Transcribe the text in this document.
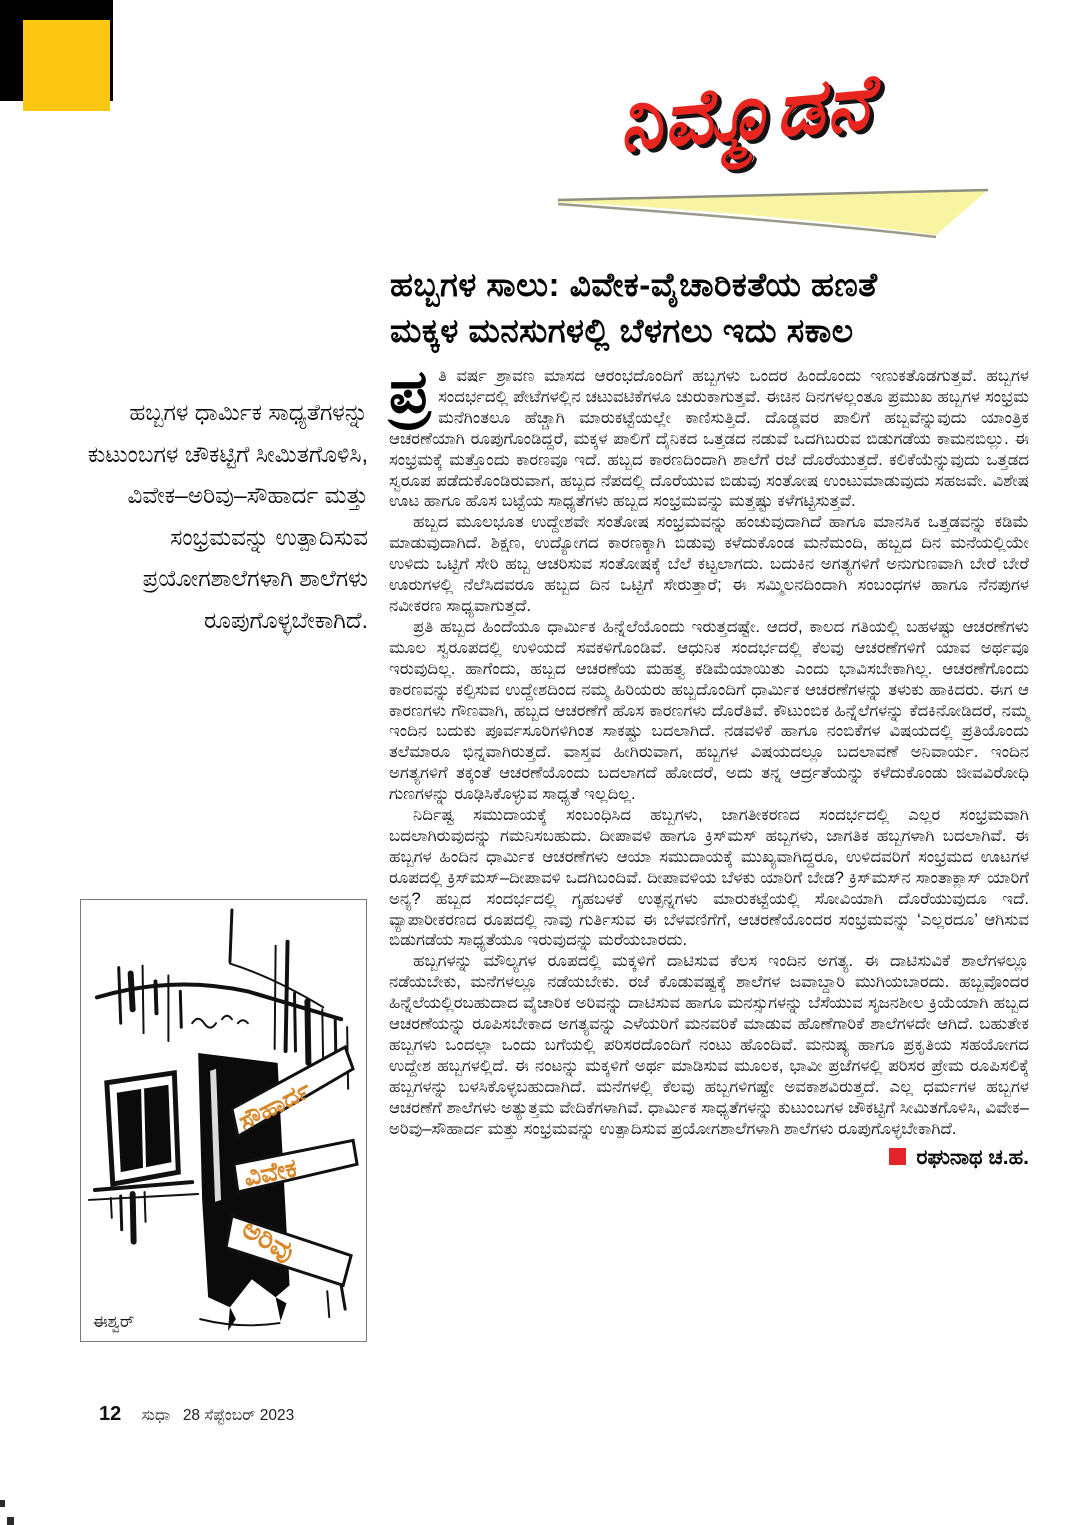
ನಿಮ್ಮೊಡನೆ
ಹಬ್ಬಗಳ ಸಾಲು: ವಿವೇಕ-ವೈಚಾರಿಕತೆಯ ಹಣತೆ
ಮಕ್ಕಳ ಮನಸುಗಳಲ್ಲಿ ಬೆಳಗಲು ಇದು ಸಕಾಲ
ಹಬ್ಬಗಳ ಧಾರ್ಮಿಕ ಸಾಧ್ಯತೆಗಳನ್ನು ಕುಟುಂಬಗಳ ಚೌಕಟ್ಟಿಗೆ ಸೀಮಿತಗೊಳಿಸಿ, ವಿವೇಕ–ಅರಿವು–ಸೌಹಾರ್ದ ಮತ್ತು ಸಂಭ್ರಮವನ್ನು ಉತ್ಪಾದಿಸುವ ಪ್ರಯೋಗಶಾಲೆಗಳಾಗಿ ಶಾಲೆಗಳು ರೂಪುಗೊಳ್ಳಬೇಕಾಗಿದೆ.
ಸೌಹಾರ್ದ
ವಿವೇಕ
ಅರಿವು
ಈಶ್ವರ್

ಪ್ರ ತಿ ವರ್ಷ ಶ್ರಾವಣ ಮಾಸದ ಆರಂಭದೊಂದಿಗೆ ಹಬ್ಬಗಳು ಒಂದರ ಹಿಂದೊಂದು ಇಣುಕತೊಡಗುತ್ತವೆ. ಹಬ್ಬಗಳ ಸಂದರ್ಭದಲ್ಲಿ ಪೇಟೆಗಳಲ್ಲಿನ ಚಟುವಟಿಕೆಗಳೂ ಚುರುಕಾಗುತ್ತವೆ. ಈಚಿನ ದಿನಗಳಲ್ಲಂತೂ ಪ್ರಮುಖ ಹಬ್ಬಗಳ ಸಂಭ್ರಮ ಮನೆಗಿಂತಲೂ ಹೆಚ್ಚಾಗಿ ಮಾರುಕಟ್ಟೆಯಲ್ಲೇ ಕಾಣಿಸುತ್ತಿದೆ. ದೊಡ್ಡವರ ಪಾಲಿಗೆ ಹಬ್ಬವೆನ್ನುವುದು ಯಾಂತ್ರಿಕ ಆಚರಣೆಯಾಗಿ ರೂಪುಗೊಂಡಿದ್ದರೆ, ಮಕ್ಕಳ ಪಾಲಿಗೆ ದೈನಿಕದ ಒತ್ತಡದ ನಡುವೆ ಒದಗಿಬರುವ ಬಿಡುಗಡೆಯ ಕಾಮನಬಿಲ್ಲು. ಈ ಸಂಭ್ರಮಕ್ಕೆ ಮತ್ತೊಂದು ಕಾರಣವೂ ಇದೆ. ಹಬ್ಬದ ಕಾರಣದಿಂದಾಗಿ ಶಾಲೆಗೆ ರಜೆ ದೊರೆಯುತ್ತದೆ. ಕಲಿಕೆಯೆನ್ನುವುದು ಒತ್ತಡದ ಸ್ವರೂಪ ಪಡೆದುಕೊಂಡಿರುವಾಗ, ಹಬ್ಬದ ನೆಪದಲ್ಲಿ ದೊರೆಯುವ ಬಿಡುವು ಸಂತೋಷ ಉಂಟುಮಾಡುವುದು ಸಹಜವೇ. ವಿಶೇಷ ಊಟ ಹಾಗೂ ಹೊಸ ಬಟ್ಟೆಯ ಸಾಧ್ಯತೆಗಳು ಹಬ್ಬದ ಸಂಭ್ರಮವನ್ನು ಮತ್ತಷ್ಟು ಕಳೆಗಟ್ಟಿಸುತ್ತವೆ.

ಹಬ್ಬದ ಮೂಲಭೂತ ಉದ್ದೇಶವೇ ಸಂತೋಷ ಸಂಭ್ರಮವನ್ನು ಹಂಚುವುದಾಗಿದೆ ಹಾಗೂ ಮಾನಸಿಕ ಒತ್ತಡವನ್ನು ಕಡಿಮೆ ಮಾಡುವುದಾಗಿದೆ. ಶಿಕ್ಷಣ, ಉದ್ಯೋಗದ ಕಾರಣಕ್ಕಾಗಿ ಬಿಡುವು ಕಳೆದುಕೊಂಡ ಮನೆಮಂದಿ, ಹಬ್ಬದ ದಿನ ಮನೆಯಲ್ಲಿಯೇ ಉಳಿದು ಒಟ್ಟಿಗೆ ಸೇರಿ ಹಬ್ಬ ಆಚರಿಸುವ ಸಂತೋಷಕ್ಕೆ ಬೆಲೆ ಕಟ್ಟಲಾಗದು. ಬದುಕಿನ ಅಗತ್ಯಗಳಿಗೆ ಅನುಗುಣವಾಗಿ ಬೇರೆ ಬೇರೆ ಊರುಗಳಲ್ಲಿ ನೆಲೆಸಿದವರೂ ಹಬ್ಬದ ದಿನ ಒಟ್ಟಿಗೆ ಸೇರುತ್ತಾರೆ; ಈ ಸಮ್ಮಿಲನದಿಂದಾಗಿ ಸಂಬಂಧಗಳ ಹಾಗೂ ನೆನಪುಗಳ ನವೀಕರಣ ಸಾಧ್ಯವಾಗುತ್ತದೆ.

ಪ್ರತಿ ಹಬ್ಬದ ಹಿಂದೆಯೂ ಧಾರ್ಮಿಕ ಹಿನ್ನೆಲೆಯೊಂದು ಇರುತ್ತದಷ್ಟೇ. ಆದರೆ, ಕಾಲದ ಗತಿಯಲ್ಲಿ ಬಹಳಷ್ಟು ಆಚರಣೆಗಳು ಮೂಲ ಸ್ವರೂಪದಲ್ಲಿ ಉಳಿಯದೆ ಸವಕಳಿಗೊಂಡಿವೆ. ಆಧುನಿಕ ಸಂದರ್ಭದಲ್ಲಿ ಕೆಲವು ಆಚರಣೆಗಳಿಗೆ ಯಾವ ಅರ್ಥವೂ ಇರುವುದಿಲ್ಲ. ಹಾಗೆಂದು, ಹಬ್ಬದ ಆಚರಣೆಯ ಮಹತ್ವ ಕಡಿಮೆಯಾಯಿತು ಎಂದು ಭಾವಿಸಬೇಕಾಗಿಲ್ಲ. ಆಚರಣೆಗೊಂದು ಕಾರಣವನ್ನು ಕಲ್ಪಿಸುವ ಉದ್ದೇಶದಿಂದ ನಮ್ಮ ಹಿರಿಯರು ಹಬ್ಬದೊಂದಿಗೆ ಧಾರ್ಮಿಕ ಆಚರಣೆಗಳನ್ನು ತಳುಕು ಹಾಕಿದರು. ಈಗ ಆ ಕಾರಣಗಳು ಗೌಣವಾಗಿ, ಹಬ್ಬದ ಆಚರಣೆಗೆ ಹೊಸ ಕಾರಣಗಳು ದೊರೆತಿವೆ. ಕೌಟುಂಬಿಕ ಹಿನ್ನೆಲೆಗಳನ್ನು ಕೆದಕಿನೋಡಿದರೆ, ನಮ್ಮ ಇಂದಿನ ಬದುಕು ಪೂರ್ವಸೂರಿಗಳಿಗಿಂತ ಸಾಕಷ್ಟು ಬದಲಾಗಿದೆ. ನಡವಳಿಕೆ ಹಾಗೂ ನಂಬಿಕೆಗಳ ವಿಷಯದಲ್ಲಿ ಪ್ರತಿಯೊಂದು ತಲೆಮಾರೂ ಭಿನ್ನವಾಗಿರುತ್ತದೆ. ವಾಸ್ತವ ಹೀಗಿರುವಾಗ, ಹಬ್ಬಗಳ ವಿಷಯದಲ್ಲೂ ಬದಲಾವಣೆ ಅನಿವಾರ್ಯ. ಇಂದಿನ ಅಗತ್ಯಗಳಿಗೆ ತಕ್ಕಂತೆ ಆಚರಣೆಯೊಂದು ಬದಲಾಗದೆ ಹೋದರೆ, ಅದು ತನ್ನ ಆರ್ದ್ರತೆಯನ್ನು ಕಳೆದುಕೊಂಡು ಜೀವವಿರೋಧಿ ಗುಣಗಳನ್ನು ರೂಢಿಸಿಕೊಳ್ಳುವ ಸಾಧ್ಯತೆ ಇಲ್ಲದಿಲ್ಲ.

ನಿರ್ದಿಷ್ಟ ಸಮುದಾಯಕ್ಕೆ ಸಂಬಂಧಿಸಿದ ಹಬ್ಬಗಳು, ಜಾಗತೀಕರಣದ ಸಂದರ್ಭದಲ್ಲಿ ಎಲ್ಲರ ಸಂಭ್ರಮವಾಗಿ ಬದಲಾಗಿರುವುದನ್ನು ಗಮನಿಸಬಹುದು. ದೀಪಾವಳಿ ಹಾಗೂ ಕ್ರಿಸ್‌ಮಸ್ ಹಬ್ಬಗಳು, ಜಾಗತಿಕ ಹಬ್ಬಗಳಾಗಿ ಬದಲಾಗಿವೆ. ಈ ಹಬ್ಬಗಳ ಹಿಂದಿನ ಧಾರ್ಮಿಕ ಆಚರಣೆಗಳು ಆಯಾ ಸಮುದಾಯಕ್ಕೆ ಮುಖ್ಯವಾಗಿದ್ದರೂ, ಉಳಿದವರಿಗೆ ಸಂಭ್ರಮದ ಊಟಗಳ ರೂಪದಲ್ಲಿ ಕ್ರಿಸ್‌ಮಸ್–ದೀಪಾವಳಿ ಒದಗಿಬಂದಿವೆ. ದೀಪಾವಳಿಯ ಬೆಳಕು ಯಾರಿಗೆ ಬೇಡ? ಕ್ರಿಸ್‌ಮಸ್‌ನ ಸಾಂತಾಕ್ಲಾಸ್ ಯಾರಿಗೆ ಅನ್ಯ? ಹಬ್ಬದ ಸಂದರ್ಭದಲ್ಲಿ ಗೃಹಬಳಕೆ ಉತ್ಪನ್ನಗಳು ಮಾರುಕಟ್ಟೆಯಲ್ಲಿ ಸೋವಿಯಾಗಿ ದೊರೆಯುವುದೂ ಇದೆ. ವ್ಯಾಪಾರೀಕರಣದ ರೂಪದಲ್ಲಿ ನಾವು ಗುರ್ತಿಸುವ ಈ ಬೆಳವಣಿಗೆಗೆ, ಆಚರಣೆಯೊಂದರ ಸಂಭ್ರಮವನ್ನು ‘ಎಲ್ಲರದೂ’ ಆಗಿಸುವ ಬಿಡುಗಡೆಯ ಸಾಧ್ಯತೆಯೂ ಇರುವುದನ್ನು ಮರೆಯಬಾರದು.

ಹಬ್ಬಗಳನ್ನು ಮೌಲ್ಯಗಳ ರೂಪದಲ್ಲಿ ಮಕ್ಕಳಿಗೆ ದಾಟಿಸುವ ಕೆಲಸ ಇಂದಿನ ಅಗತ್ಯ. ಈ ದಾಟಿಸುವಿಕೆ ಶಾಲೆಗಳಲ್ಲೂ ನಡೆಯಬೇಕು, ಮನೆಗಳಲ್ಲೂ ನಡೆಯಬೇಕು. ರಜೆ ಕೊಡುವಷ್ಟಕ್ಕೆ ಶಾಲೆಗಳ ಜವಾಬ್ದಾರಿ ಮುಗಿಯಬಾರದು. ಹಬ್ಬವೊಂದರ ಹಿನ್ನೆಲೆಯಲ್ಲಿರಬಹುದಾದ ವೈಚಾರಿಕ ಅರಿವನ್ನು ದಾಟಿಸುವ ಹಾಗೂ ಮನಸ್ಸುಗಳನ್ನು ಬೆಸೆಯುವ ಸೃಜನಶೀಲ ಕ್ರಿಯೆಯಾಗಿ ಹಬ್ಬದ ಆಚರಣೆಯನ್ನು ರೂಪಿಸಬೇಕಾದ ಅಗತ್ಯವನ್ನು ಎಳೆಯರಿಗೆ ಮನವರಿಕೆ ಮಾಡುವ ಹೊಣೆಗಾರಿಕೆ ಶಾಲೆಗಳದೇ ಆಗಿದೆ. ಬಹುತೇಕ ಹಬ್ಬಗಳು ಒಂದಲ್ಲಾ ಒಂದು ಬಗೆಯಲ್ಲಿ ಪರಿಸರದೊಂದಿಗೆ ನಂಟು ಹೊಂದಿವೆ. ಮನುಷ್ಯ ಹಾಗೂ ಪ್ರಕೃತಿಯ ಸಹಯೋಗದ ಉದ್ದೇಶ ಹಬ್ಬಗಳಲ್ಲಿದೆ. ಈ ನಂಟನ್ನು ಮಕ್ಕಳಿಗೆ ಅರ್ಥ ಮಾಡಿಸುವ ಮೂಲಕ, ಭಾವೀ ಪ್ರಜೆಗಳಲ್ಲಿ ಪರಿಸರ ಪ್ರೇಮ ರೂಪಿಸಲಿಕ್ಕೆ ಹಬ್ಬಗಳನ್ನು ಬಳಸಿಕೊಳ್ಳಬಹುದಾಗಿದೆ. ಮನೆಗಳಲ್ಲಿ ಕೆಲವು ಹಬ್ಬಗಳಿಗಷ್ಟೇ ಅವಕಾಶವಿರುತ್ತದೆ. ಎಲ್ಲ ಧರ್ಮಗಳ ಹಬ್ಬಗಳ ಆಚರಣೆಗೆ ಶಾಲೆಗಳು ಅತ್ಯುತ್ತಮ ವೇದಿಕೆಗಳಾಗಿವೆ. ಧಾರ್ಮಿಕ ಸಾಧ್ಯತೆಗಳನ್ನು ಕುಟುಂಬಗಳ ಚೌಕಟ್ಟಿಗೆ ಸೀಮಿತಗೊಳಿಸಿ, ವಿವೇಕ–ಅರಿವು–ಸೌಹಾರ್ದ ಮತ್ತು ಸಂಭ್ರಮವನ್ನು ಉತ್ಪಾದಿಸುವ ಪ್ರಯೋಗಶಾಲೆಗಳಾಗಿ ಶಾಲೆಗಳು ರೂಪುಗೊಳ್ಳಬೇಕಾಗಿದೆ.

ರಘುನಾಥ ಚ.ಹ.
12 ಸುಧಾ 28 ಸೆಪ್ಟೆಂಬರ್ 2023
